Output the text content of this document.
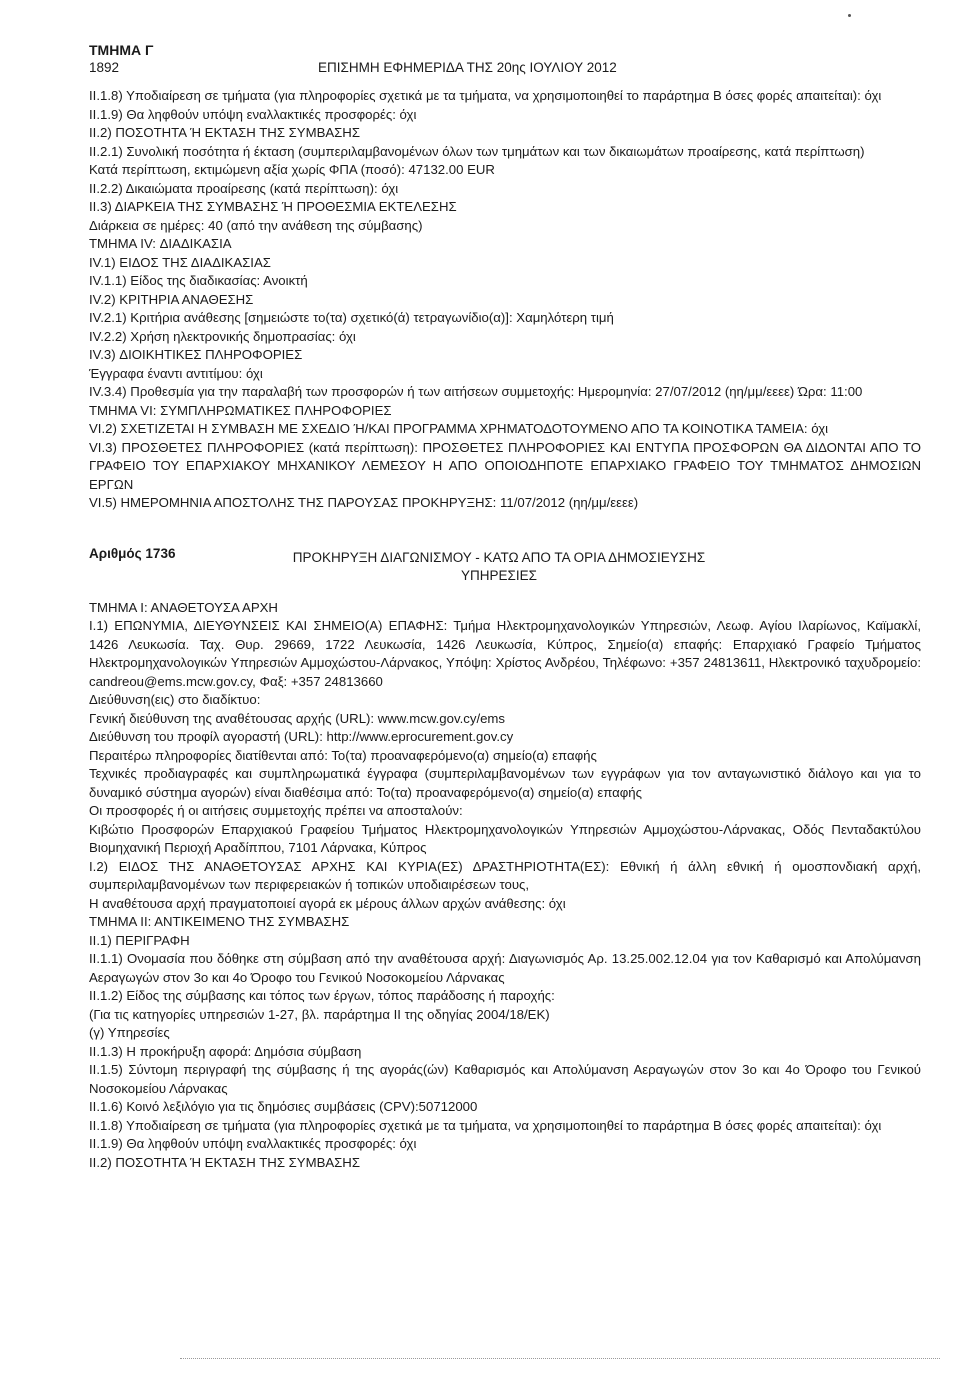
ΤΜΗΜΑ Γ
1892	ΕΠΙΣΗΜΗ ΕΦΗΜΕΡΙΔΑ ΤΗΣ 20ης ΙΟΥΛΙΟΥ 2012
ΙΙ.1.8) Υποδιαίρεση σε τμήματα (για πληροφορίες σχετικά με τα τμήματα, να χρησιμοποιηθεί το παράρτημα Β όσες φορές απαιτείται): όχι
ΙΙ.1.9) Θα ληφθούν υπόψη εναλλακτικές προσφορές: όχι
ΙΙ.2) ΠΟΣΟΤΗΤΑ Ή ΕΚΤΑΣΗ ΤΗΣ ΣΥΜΒΑΣΗΣ
ΙΙ.2.1) Συνολική ποσότητα ή έκταση (συμπεριλαμβανομένων όλων των τμημάτων και των δικαιωμάτων προαίρεσης, κατά περίπτωση)
Κατά περίπτωση, εκτιμώμενη αξία χωρίς ΦΠΑ (ποσό): 47132.00 EUR
ΙΙ.2.2) Δικαιώματα προαίρεσης (κατά περίπτωση): όχι
ΙΙ.3) ΔΙΑΡΚΕΙΑ ΤΗΣ ΣΥΜΒΑΣΗΣ Ή ΠΡΟΘΕΣΜΙΑ ΕΚΤΕΛΕΣΗΣ
Διάρκεια σε ημέρες: 40 (από την ανάθεση της σύμβασης)
ΤΜΗΜΑ IV: ΔΙΑΔΙΚΑΣΙΑ
IV.1) ΕΙΔΟΣ ΤΗΣ ΔΙΑΔΙΚΑΣΙΑΣ
IV.1.1) Είδος της διαδικασίας: Ανοικτή
IV.2) ΚΡΙΤΗΡΙΑ ΑΝΑΘΕΣΗΣ
IV.2.1) Κριτήρια ανάθεσης [σημειώστε το(τα) σχετικό(ά) τετραγωνίδιο(α)]: Χαμηλότερη τιμή
IV.2.2) Χρήση ηλεκτρονικής δημοπρασίας: όχι
IV.3) ΔΙΟΙΚΗΤΙΚΕΣ ΠΛΗΡΟΦΟΡΙΕΣ
Έγγραφα έναντι αντιτίμου: όχι
IV.3.4) Προθεσμία για την παραλαβή των προσφορών ή των αιτήσεων συμμετοχής: Ημερομηνία: 27/07/2012 (ηη/μμ/εεεε) Ώρα: 11:00
ΤΜΗΜΑ VI: ΣΥΜΠΛΗΡΩΜΑΤΙΚΕΣ ΠΛΗΡΟΦΟΡΙΕΣ
VI.2) ΣΧΕΤΙΖΕΤΑΙ Η ΣΥΜΒΑΣΗ ΜΕ ΣΧΕΔΙΟ Ή/ΚΑΙ ΠΡΟΓΡΑΜΜΑ ΧΡΗΜΑΤΟΔΟΤΟΥΜΕΝΟ ΑΠΟ ΤΑ ΚΟΙΝΟΤΙΚΑ ΤΑΜΕΙΑ: όχι
VI.3) ΠΡΟΣΘΕΤΕΣ ΠΛΗΡΟΦΟΡΙΕΣ (κατά περίπτωση): ΠΡΟΣΘΕΤΕΣ ΠΛΗΡΟΦΟΡΙΕΣ ΚΑΙ ΕΝΤΥΠΑ ΠΡΟΣΦΟΡΩΝ ΘΑ ΔΙΔΟΝΤΑΙ ΑΠΟ ΤΟ ΓΡΑΦΕΙΟ ΤΟΥ ΕΠΑΡΧΙΑΚΟΥ ΜΗΧΑΝΙΚΟΥ ΛΕΜΕΣΟΥ Η ΑΠΟ ΟΠΟΙΟΔΗΠΟΤΕ ΕΠΑΡΧΙΑΚΟ ΓΡΑΦΕΙΟ ΤΟΥ ΤΜΗΜΑΤΟΣ ΔΗΜΟΣΙΩΝ ΕΡΓΩΝ
VI.5) ΗΜΕΡΟΜΗΝΙΑ ΑΠΟΣΤΟΛΗΣ ΤΗΣ ΠΑΡΟΥΣΑΣ ΠΡΟΚΗΡΥΞΗΣ: 11/07/2012 (ηη/μμ/εεεε)
Αριθμός 1736	ΠΡΟΚΗΡΥΞΗ ΔΙΑΓΩΝΙΣΜΟΥ - ΚΑΤΩ ΑΠΟ ΤΑ ΟΡΙΑ ΔΗΜΟΣΙΕΥΣΗΣ
ΥΠΗΡΕΣΙΕΣ
ΤΜΗΜΑ Ι: ΑΝΑΘΕΤΟΥΣΑ ΑΡΧΗ
Ι.1) ΕΠΩΝΥΜΙΑ, ΔΙΕΥΘΥΝΣΕΙΣ ΚΑΙ ΣΗΜΕΙΟ(Α) ΕΠΑΦΗΣ: Τμήμα Ηλεκτρομηχανολογικών Υπηρεσιών, Λεωφ. Αγίου Ιλαρίωνος, Καϊμακλί, 1426 Λευκωσία. Ταχ. Θυρ. 29669, 1722 Λευκωσία, 1426 Λευκωσία, Κύπρος, Σημείο(α) επαφής: Επαρχιακό Γραφείο Τμήματος Ηλεκτρομηχανολογικών Υπηρεσιών Αμμοχώστου-Λάρνακος, Υπόψη: Χρίστος Ανδρέου, Τηλέφωνο: +357 24813611, Ηλεκτρονικό ταχυδρομείο: candreou@ems.mcw.gov.cy, Φαξ: +357 24813660
Διεύθυνση(εις) στο διαδίκτυο:
Γενική διεύθυνση της αναθέτουσας αρχής (URL): www.mcw.gov.cy/ems
Διεύθυνση του προφίλ αγοραστή (URL): http://www.eprocurement.gov.cy
Περαιτέρω πληροφορίες διατίθενται από: Το(τα) προαναφερόμενο(α) σημείο(α) επαφής
Τεχνικές προδιαγραφές και συμπληρωματικά έγγραφα (συμπεριλαμβανομένων των εγγράφων για τον ανταγωνιστικό διάλογο και για το δυναμικό σύστημα αγορών) είναι διαθέσιμα από: Το(τα) προαναφερόμενο(α) σημείο(α) επαφής
Οι προσφορές ή οι αιτήσεις συμμετοχής πρέπει να αποσταλούν:
Κιβώτιο Προσφορών Επαρχιακού Γραφείου Τμήματος Ηλεκτρομηχανολογικών Υπηρεσιών Αμμοχώστου-Λάρνακας, Οδός Πενταδακτύλου Βιομηχανική Περιοχή Αραδίππου, 7101 Λάρνακα, Κύπρος
Ι.2) ΕΙΔΟΣ ΤΗΣ ΑΝΑΘΕΤΟΥΣΑΣ ΑΡΧΗΣ ΚΑΙ ΚΥΡΙΑ(ΕΣ) ΔΡΑΣΤΗΡΙΟΤΗΤΑ(ΕΣ): Εθνική ή άλλη εθνική ή ομοσπονδιακή αρχή, συμπεριλαμβανομένων των περιφερειακών ή τοπικών υποδιαιρέσεων τους,
Η αναθέτουσα αρχή πραγματοποιεί αγορά εκ μέρους άλλων αρχών ανάθεσης: όχι
ΤΜΗΜΑ ΙΙ: ΑΝΤΙΚΕΙΜΕΝΟ ΤΗΣ ΣΥΜΒΑΣΗΣ
ΙΙ.1) ΠΕΡΙΓΡΑΦΗ
ΙΙ.1.1) Ονομασία που δόθηκε στη σύμβαση από την αναθέτουσα αρχή: Διαγωνισμός Αρ. 13.25.002.12.04 για τον Καθαρισμό και Απολύμανση Αεραγωγών στον 3ο και 4ο Όροφο του Γενικού Νοσοκομείου Λάρνακας
ΙΙ.1.2) Είδος της σύμβασης και τόπος των έργων, τόπος παράδοσης ή παροχής:
(Για τις κατηγορίες υπηρεσιών 1-27, βλ. παράρτημα ΙΙ της οδηγίας 2004/18/ΕΚ)
(γ) Υπηρεσίες
ΙΙ.1.3) Η προκήρυξη αφορά: Δημόσια σύμβαση
ΙΙ.1.5) Σύντομη περιγραφή της σύμβασης ή της αγοράς(ών) Καθαρισμός και Απολύμανση Αεραγωγών στον 3ο και 4ο Όροφο του Γενικού Νοσοκομείου Λάρνακας
ΙΙ.1.6) Κοινό λεξιλόγιο για τις δημόσιες συμβάσεις (CPV):50712000
ΙΙ.1.8) Υποδιαίρεση σε τμήματα (για πληροφορίες σχετικά με τα τμήματα, να χρησιμοποιηθεί το παράρτημα Β όσες φορές απαιτείται): όχι
ΙΙ.1.9) Θα ληφθούν υπόψη εναλλακτικές προσφορές: όχι
ΙΙ.2) ΠΟΣΟΤΗΤΑ Ή ΕΚΤΑΣΗ ΤΗΣ ΣΥΜΒΑΣΗΣ
